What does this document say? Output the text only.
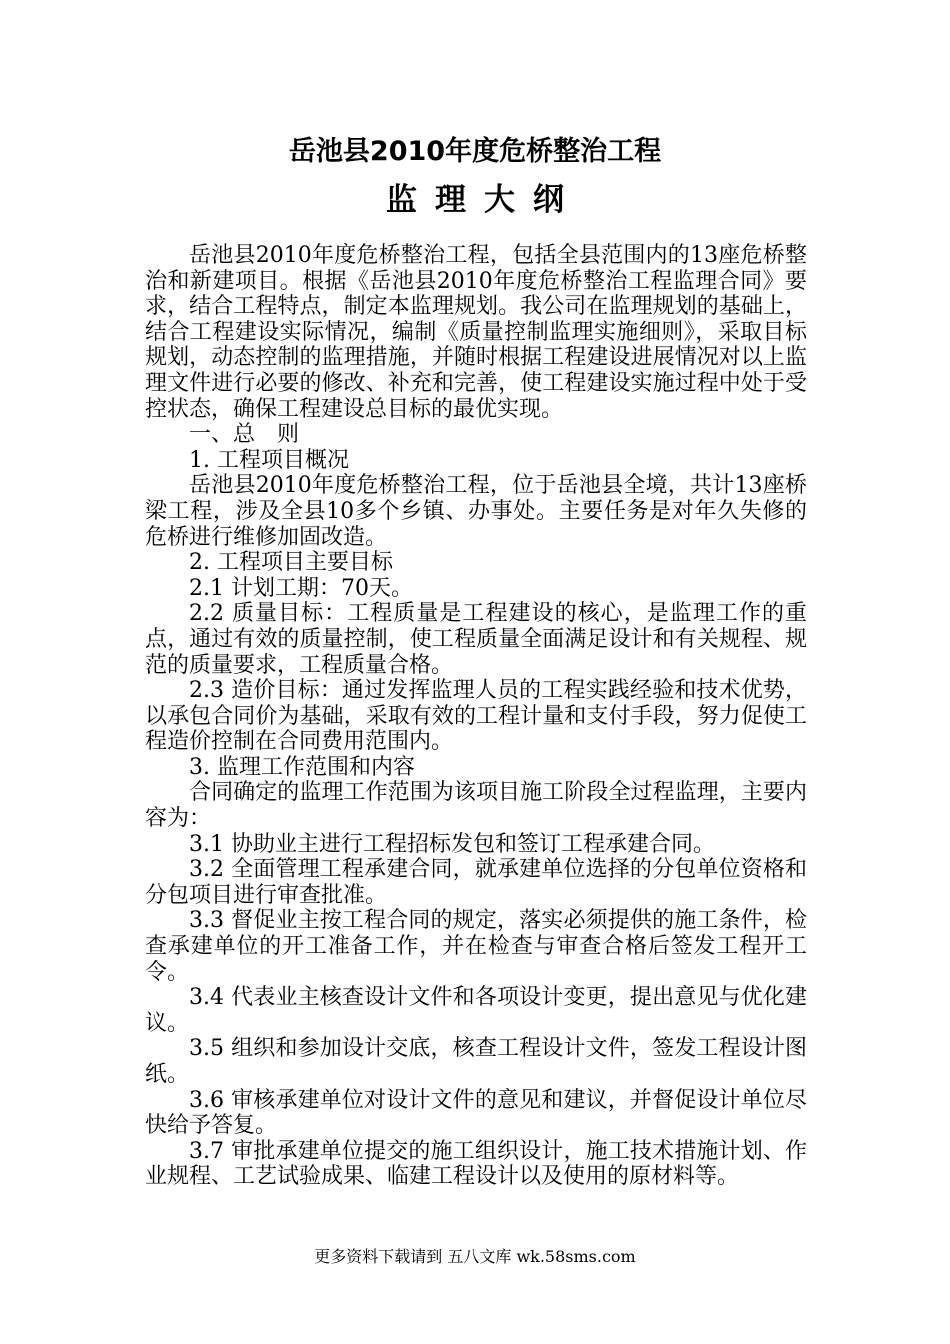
岳池县2010年度危桥整治工程
监理大纲

岳池县2010年度危桥整治工程，包括全县范围内的13座危桥整治和新建项目。根据《岳池县2010年度危桥整治工程监理合同》要求，结合工程特点，制定本监理规划。我公司在监理规划的基础上，结合工程建设实际情况，编制《质量控制监理实施细则》，采取目标规划，动态控制的监理措施，并随时根据工程建设进展情况对以上监理文件进行必要的修改、补充和完善，使工程建设实施过程中处于受控状态，确保工程建设总目标的最优实现。

一、总　则

1. 工程项目概况

岳池县2010年度危桥整治工程，位于岳池县全境，共计13座桥梁工程，涉及全县10多个乡镇、办事处。主要任务是对年久失修的危桥进行维修加固改造。

2. 工程项目主要目标

2.1 计划工期：70天。

2.2 质量目标：工程质量是工程建设的核心，是监理工作的重点，通过有效的质量控制，使工程质量全面满足设计和有关规程、规范的质量要求，工程质量合格。

2.3 造价目标：通过发挥监理人员的工程实践经验和技术优势，以承包合同价为基础，采取有效的工程计量和支付手段，努力促使工程造价控制在合同费用范围内。

3. 监理工作范围和内容

合同确定的监理工作范围为该项目施工阶段全过程监理，主要内容为：

3.1 协助业主进行工程招标发包和签订工程承建合同。

3.2 全面管理工程承建合同，就承建单位选择的分包单位资格和分包项目进行审查批准。

3.3 督促业主按工程合同的规定，落实必须提供的施工条件，检查承建单位的开工准备工作，并在检查与审查合格后签发工程开工令。

3.4 代表业主核查设计文件和各项设计变更，提出意见与优化建议。

3.5 组织和参加设计交底，核查工程设计文件，签发工程设计图纸。

3.6 审核承建单位对设计文件的意见和建议，并督促设计单位尽快给予答复。

3.7 审批承建单位提交的施工组织设计，施工技术措施计划、作业规程、工艺试验成果、临建工程设计以及使用的原材料等。

更多资料下载请到 五八文库 wk.58sms.com
